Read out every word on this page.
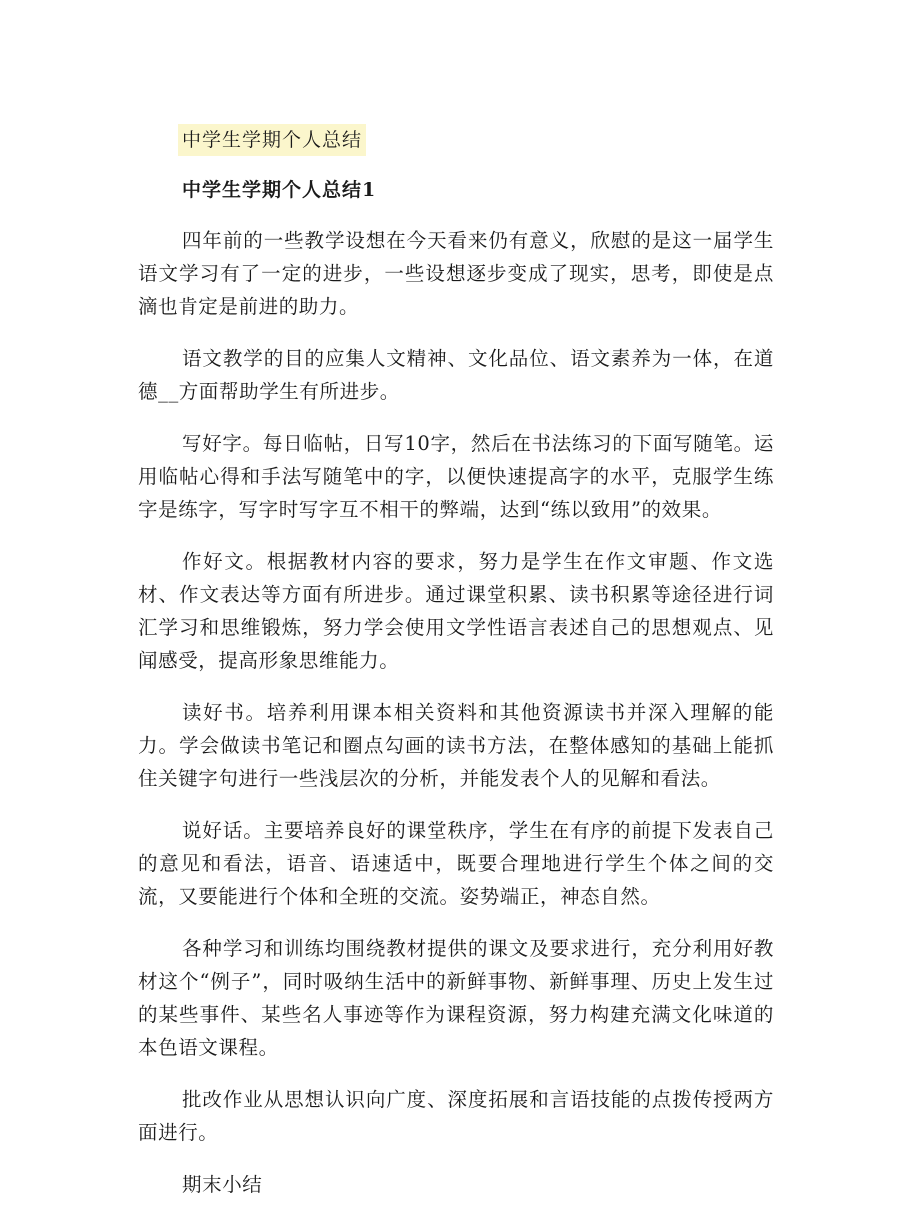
中学生学期个人总结
中学生学期个人总结1

四年前的一些教学设想在今天看来仍有意义，欣慰的是这一届学生语文学习有了一定的进步，一些设想逐步变成了现实，思考，即使是点滴也肯定是前进的助力。

语文教学的目的应集人文精神、文化品位、语文素养为一体，在道德__方面帮助学生有所进步。

写好字。每日临帖，日写10字，然后在书法练习的下面写随笔。运用临帖心得和手法写随笔中的字，以便快速提高字的水平，克服学生练字是练字，写字时写字互不相干的弊端，达到“练以致用”的效果。

作好文。根据教材内容的要求，努力是学生在作文审题、作文选材、作文表达等方面有所进步。通过课堂积累、读书积累等途径进行词汇学习和思维锻炼，努力学会使用文学性语言表述自己的思想观点、见闻感受，提高形象思维能力。

读好书。培养利用课本相关资料和其他资源读书并深入理解的能力。学会做读书笔记和圈点勾画的读书方法，在整体感知的基础上能抓住关键字句进行一些浅层次的分析，并能发表个人的见解和看法。

说好话。主要培养良好的课堂秩序，学生在有序的前提下发表自己的意见和看法，语音、语速适中，既要合理地进行学生个体之间的交流，又要能进行个体和全班的交流。姿势端正，神态自然。

各种学习和训练均围绕教材提供的课文及要求进行，充分利用好教材这个“例子”，同时吸纳生活中的新鲜事物、新鲜事理、历史上发生过的某些事件、某些名人事迹等作为课程资源，努力构建充满文化味道的本色语文课程。

批改作业从思想认识向广度、深度拓展和言语技能的点拨传授两方面进行。

期末小结
